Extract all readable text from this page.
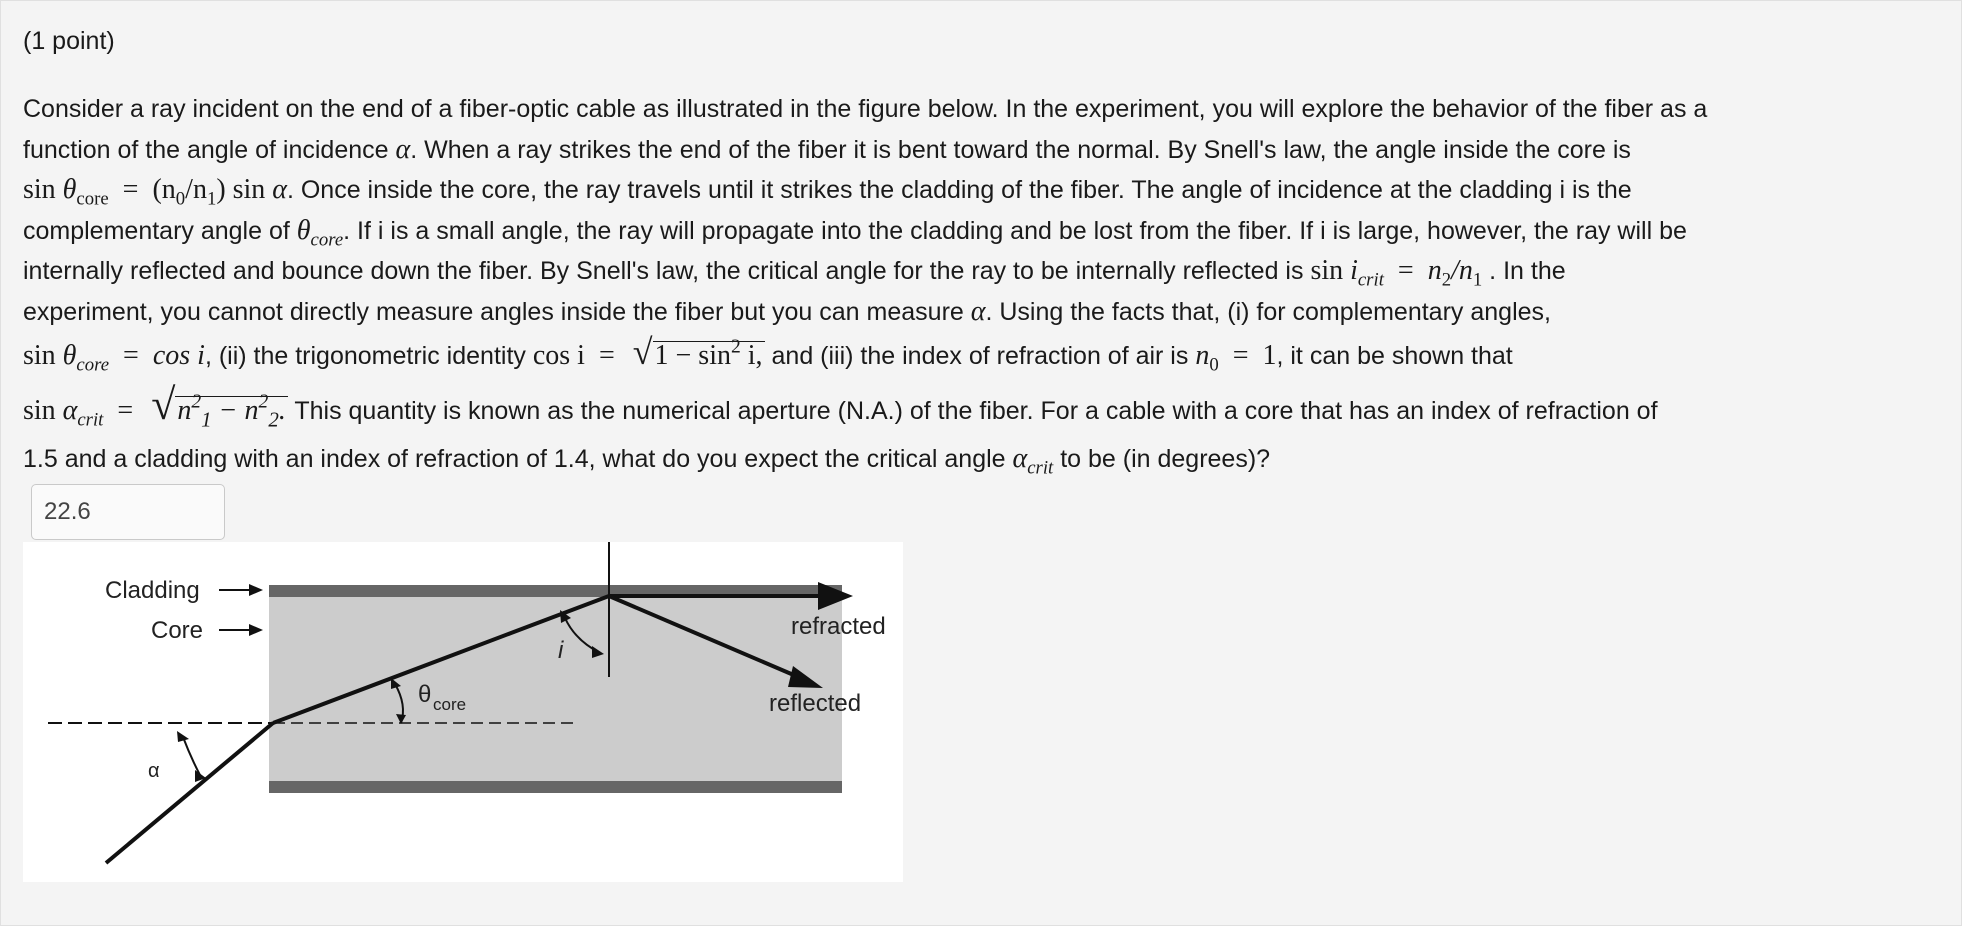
(1 point)
Consider a ray incident on the end of a fiber-optic cable as illustrated in the figure below. In the experiment, you will explore the behavior of the fiber as a
function of the angle of incidence α. When a ray strikes the end of the fiber it is bent toward the normal. By Snell's law, the angle inside the core is
$\sin \theta_{core} = (n_0/n_1)$ sin α. Once inside the core, the ray travels until it strikes the cladding of the fiber. The angle of incidence at the cladding i is the
complementary angle of $\theta_{core}$. If i is a small angle, the ray will propagate into the cladding and be lost from the fiber. If i is large, however, the ray will be
internally reflected and bounce down the fiber. By Snell's law, the critical angle for the ray to be internally reflected is $\sin i_{crit} = n_2/n_1$ . In the
experiment, you cannot directly measure angles inside the fiber but you can measure α. Using the facts that, (i) for complementary angles,
$\sin \theta_{core} = \cos i$, (ii) the trigonometric identity $\cos i = √1 - \sin^2 i$, and (iii) the index of refraction of air is $n_0 = 1$, it can be shown that
$\sin \alpha_{crit} = √n^2_1 - n^2_2$. This quantity is known as the numerical aperture (N.A.) of the fiber. For a cable with a core that has an index of refraction of
1.5 and a cladding with an index of refraction of 1.4, what do you expect the critical angle $\alpha_{crit}$ to be (in degrees)?
22.6
Cladding
Core	refracted
reflected
θ core
i
α
